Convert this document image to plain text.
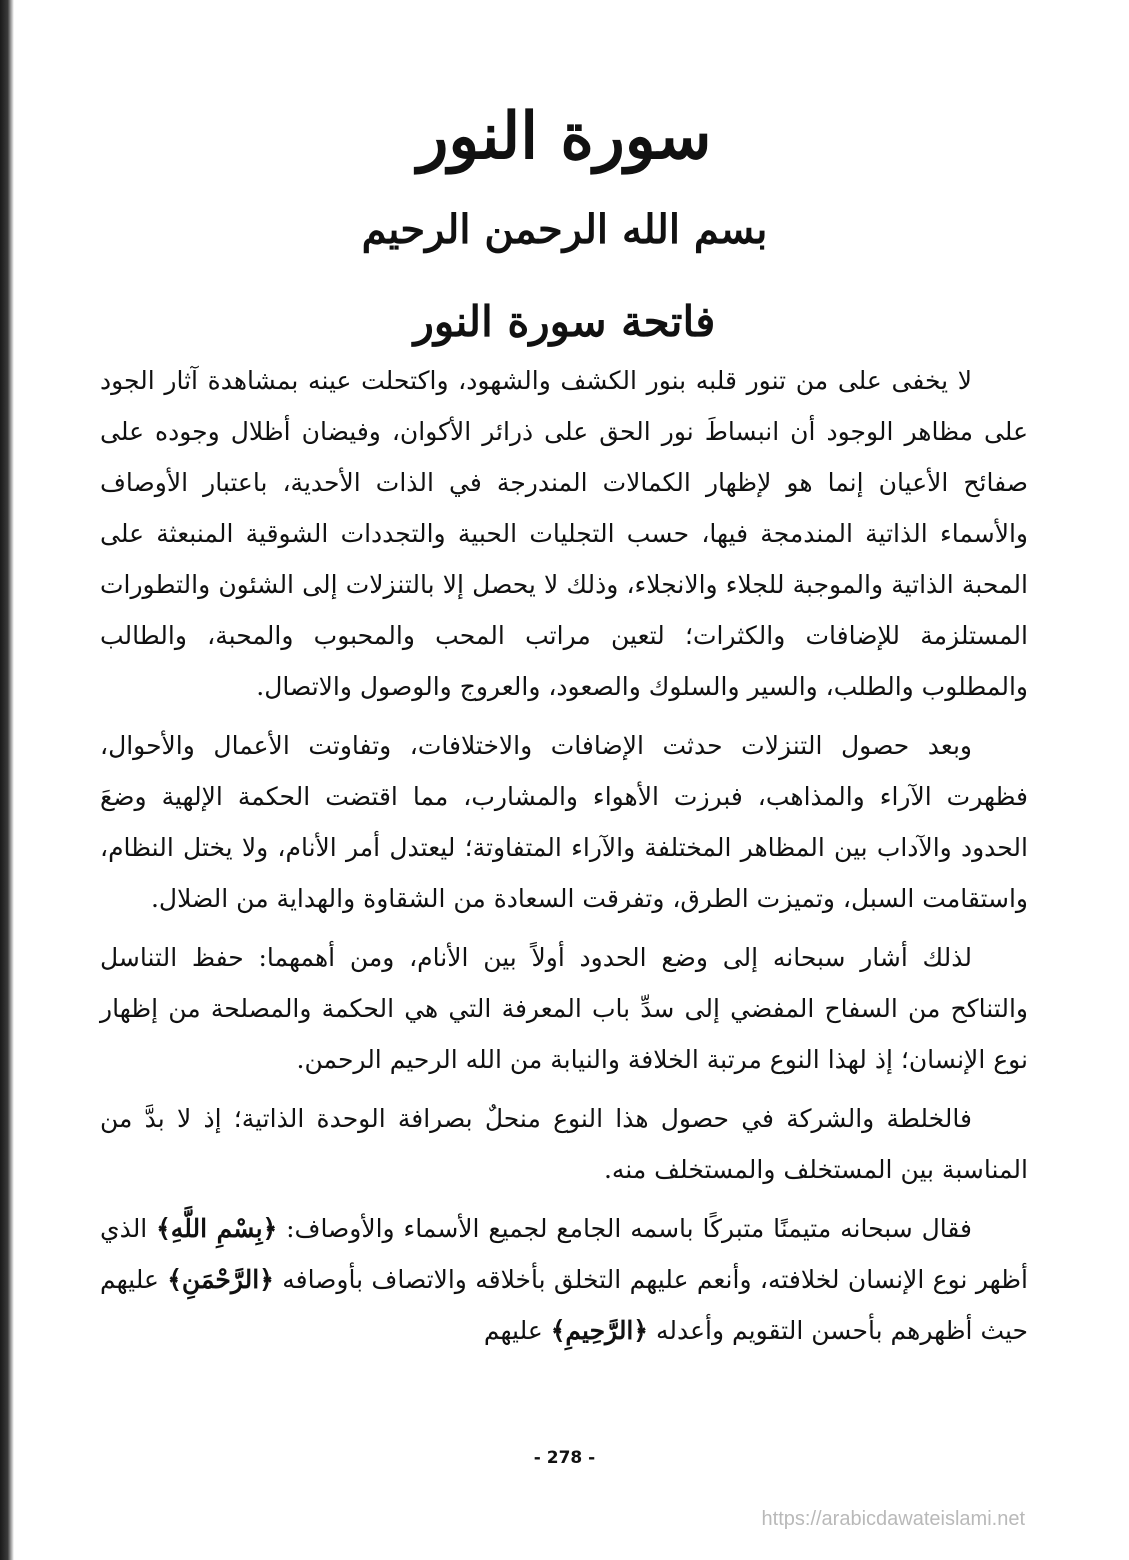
سورة النور
بسم الله الرحمن الرحيم
فاتحة سورة النور

لا يخفى على من تنور قلبه بنور الكشف والشهود، واكتحلت عينه بمشاهدة آثار الجود على مظاهر الوجود أن انبساطَ نور الحق على ذرائر الأكوان، وفيضان أظلال وجوده على صفائح الأعيان إنما هو لإظهار الكمالات المندرجة في الذات الأحدية، باعتبار الأوصاف والأسماء الذاتية المندمجة فيها، حسب التجليات الحبية والتجددات الشوقية المنبعثة على المحبة الذاتية والموجبة للجلاء والانجلاء، وذلك لا يحصل إلا بالتنزلات إلى الشئون والتطورات المستلزمة للإضافات والكثرات؛ لتعين مراتب المحب والمحبوب والمحبة، والطالب والمطلوب والطلب، والسير والسلوك والصعود، والعروج والوصول والاتصال.

وبعد حصول التنزلات حدثت الإضافات والاختلافات، وتفاوتت الأعمال والأحوال، فظهرت الآراء والمذاهب، فبرزت الأهواء والمشارب، مما اقتضت الحكمة الإلهية وضعَ الحدود والآداب بين المظاهر المختلفة والآراء المتفاوتة؛ ليعتدل أمر الأنام، ولا يختل النظام، واستقامت السبل، وتميزت الطرق، وتفرقت السعادة من الشقاوة والهداية من الضلال.

لذلك أشار سبحانه إلى وضع الحدود أولاً بين الأنام، ومن أهمهما: حفظ التناسل والتناكح من السفاح المفضي إلى سدِّ باب المعرفة التي هي الحكمة والمصلحة من إظهار نوع الإنسان؛ إذ لهذا النوع مرتبة الخلافة والنيابة من الله الرحيم الرحمن.

فالخلطة والشركة في حصول هذا النوع منحلٌ بصرافة الوحدة الذاتية؛ إذ لا بدَّ من المناسبة بين المستخلف والمستخلف منه.

فقال سبحانه متيمنًا متبركًا باسمه الجامع لجميع الأسماء والأوصاف: ﴿بِسْمِ اللَّهِ﴾ الذي أظهر نوع الإنسان لخلافته، وأنعم عليهم التخلق بأخلاقه والاتصاف بأوصافه ﴿الرَّحْمَنِ﴾ عليهم حيث أظهرهم بأحسن التقويم وأعدله ﴿الرَّحِيمِ﴾ عليهم

- 278 -
https://arabicdawateislami.net
